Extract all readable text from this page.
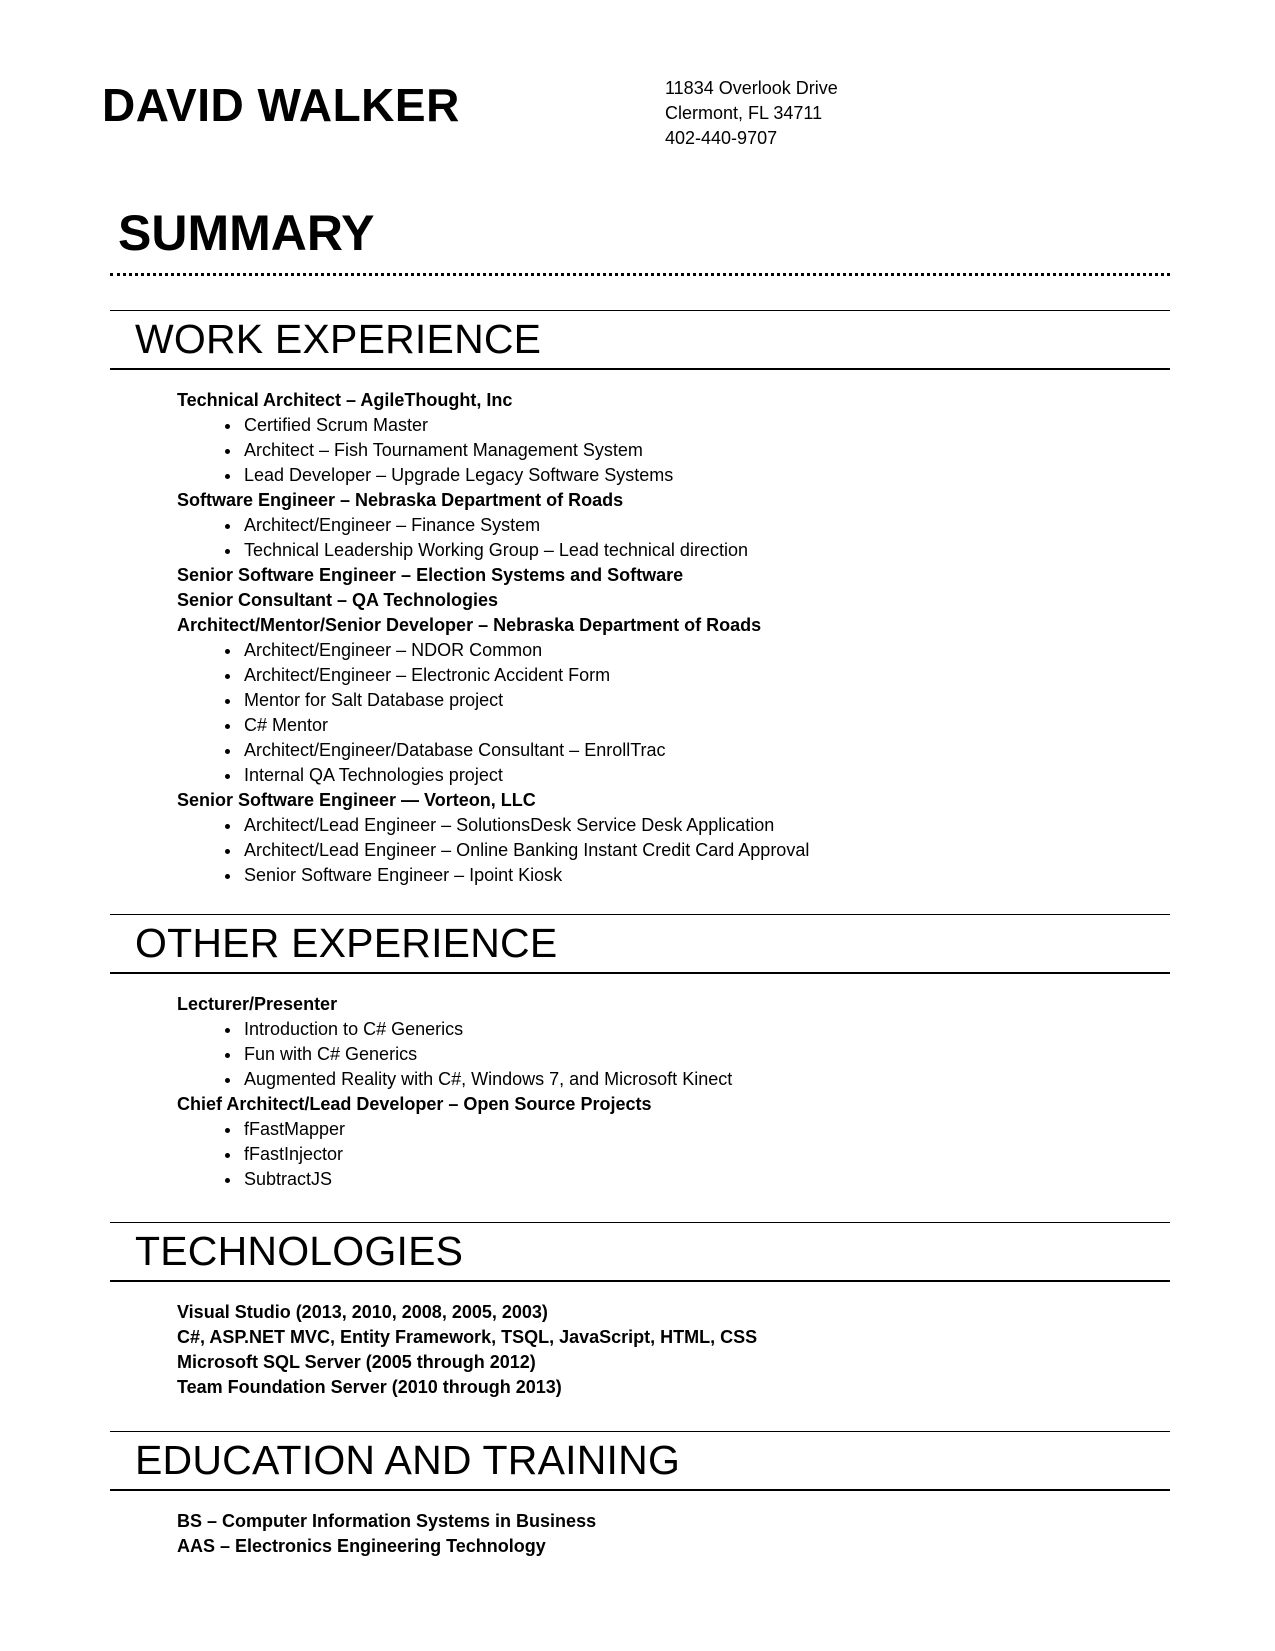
DAVID WALKER	11834 Overlook Drive
Clermont, FL 34711
402-440-9707
SUMMARY
WORK EXPERIENCE
Technical Architect – AgileThought, Inc
Certified Scrum Master
Architect – Fish Tournament Management System
Lead Developer – Upgrade Legacy Software Systems
Software Engineer – Nebraska Department of Roads
Architect/Engineer – Finance System
Technical Leadership Working Group – Lead technical direction
Senior Software Engineer – Election Systems and Software
Senior Consultant – QA Technologies
Architect/Mentor/Senior Developer – Nebraska Department of Roads
Architect/Engineer – NDOR Common
Architect/Engineer – Electronic Accident Form
Mentor for Salt Database project
C# Mentor
Architect/Engineer/Database Consultant – EnrollTrac
Internal QA Technologies project
Senior Software Engineer — Vorteon, LLC
Architect/Lead Engineer – SolutionsDesk Service Desk Application
Architect/Lead Engineer – Online Banking Instant Credit Card Approval
Senior Software Engineer – Ipoint Kiosk
OTHER EXPERIENCE
Lecturer/Presenter
Introduction to C# Generics
Fun with C# Generics
Augmented Reality with C#, Windows 7, and Microsoft Kinect
Chief Architect/Lead Developer – Open Source Projects
fFastMapper
fFastInjector
SubtractJS
TECHNOLOGIES
Visual Studio (2013, 2010, 2008, 2005, 2003)
C#, ASP.NET MVC, Entity Framework, TSQL, JavaScript, HTML, CSS
Microsoft SQL Server (2005 through 2012)
Team Foundation Server (2010 through 2013)
EDUCATION AND TRAINING
BS – Computer Information Systems in Business
AAS – Electronics Engineering Technology
